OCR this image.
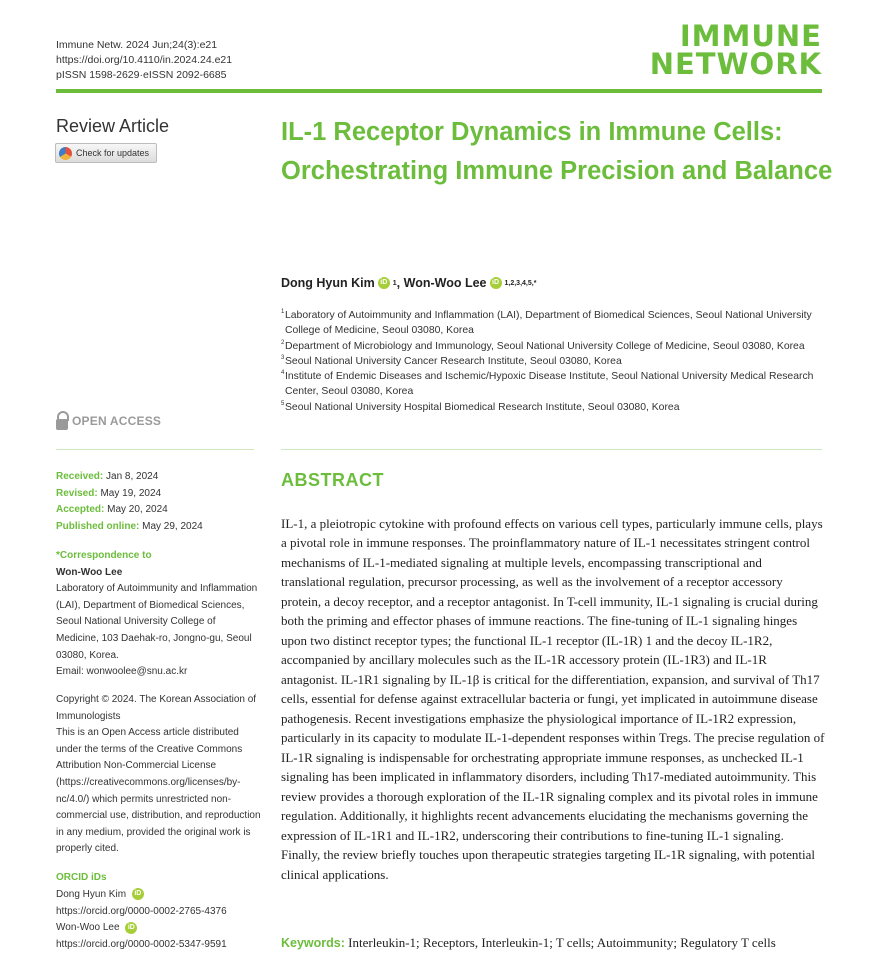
Immune Netw. 2024 Jun;24(3):e21
https://doi.org/10.4110/in.2024.24.e21
pISSN 1598-2629·eISSN 2092-6685
IMMUNE
NETWORK
Review Article
Check for updates
IL-1 Receptor Dynamics in Immune Cells: Orchestrating Immune Precision and Balance
Dong Hyun Kim iD 1 ,
Won-Woo Lee iD 1,2,3,4,5,*
1 Laboratory of Autoimmunity and Inflammation (LAI), Department of Biomedical Sciences, Seoul National University College of Medicine, Seoul 03080, Korea
2 Department of Microbiology and Immunology, Seoul National University College of Medicine, Seoul 03080, Korea
3 Seoul National University Cancer Research Institute, Seoul 03080, Korea
4 Institute of Endemic Diseases and Ischemic/Hypoxic Disease Institute, Seoul National University Medical Research Center, Seoul 03080, Korea
5 Seoul National University Hospital Biomedical Research Institute, Seoul 03080, Korea
OPEN ACCESS
Received: Jan 8, 2024
Revised: May 19, 2024
Accepted: May 20, 2024
Published online: May 29, 2024
*Correspondence to
Won-Woo Lee
Laboratory of Autoimmunity and Inflammation (LAI), Department of Biomedical Sciences, Seoul National University College of Medicine, 103 Daehak-ro, Jongno-gu, Seoul 03080, Korea.
Email: wonwoolee@snu.ac.kr
Copyright © 2024. The Korean Association of Immunologists
This is an Open Access article distributed under the terms of the Creative Commons Attribution Non-Commercial License (https://creativecommons.org/licenses/by-nc/4.0/) which permits unrestricted non-commercial use, distribution, and reproduction in any medium, provided the original work is properly cited.
ORCID iDs
Dong Hyun Kim iD
https://orcid.org/0000-0002-2765-4376
Won-Woo Lee iD
https://orcid.org/0000-0002-5347-9591
ABSTRACT
IL-1, a pleiotropic cytokine with profound effects on various cell types, particularly immune cells, plays a pivotal role in immune responses. The proinflammatory nature of IL-1 necessitates stringent control mechanisms of IL-1-mediated signaling at multiple levels, encompassing transcriptional and translational regulation, precursor processing, as well as the involvement of a receptor accessory protein, a decoy receptor, and a receptor antagonist. In T-cell immunity, IL-1 signaling is crucial during both the priming and effector phases of immune reactions. The fine-tuning of IL-1 signaling hinges upon two distinct receptor types; the functional IL-1 receptor (IL-1R) 1 and the decoy IL-1R2, accompanied by ancillary molecules such as the IL-1R accessory protein (IL-1R3) and IL-1R antagonist. IL-1R1 signaling by IL-1β is critical for the differentiation, expansion, and survival of Th17 cells, essential for defense against extracellular bacteria or fungi, yet implicated in autoimmune disease pathogenesis. Recent investigations emphasize the physiological importance of IL-1R2 expression, particularly in its capacity to modulate IL-1-dependent responses within Tregs. The precise regulation of IL-1R signaling is indispensable for orchestrating appropriate immune responses, as unchecked IL-1 signaling has been implicated in inflammatory disorders, including Th17-mediated autoimmunity. This review provides a thorough exploration of the IL-1R signaling complex and its pivotal roles in immune regulation. Additionally, it highlights recent advancements elucidating the mechanisms governing the expression of IL-1R1 and IL-1R2, underscoring their contributions to fine-tuning IL-1 signaling. Finally, the review briefly touches upon therapeutic strategies targeting IL-1R signaling, with potential clinical applications.
Keywords: Interleukin-1; Receptors, Interleukin-1; T cells; Autoimmunity; Regulatory T cells
